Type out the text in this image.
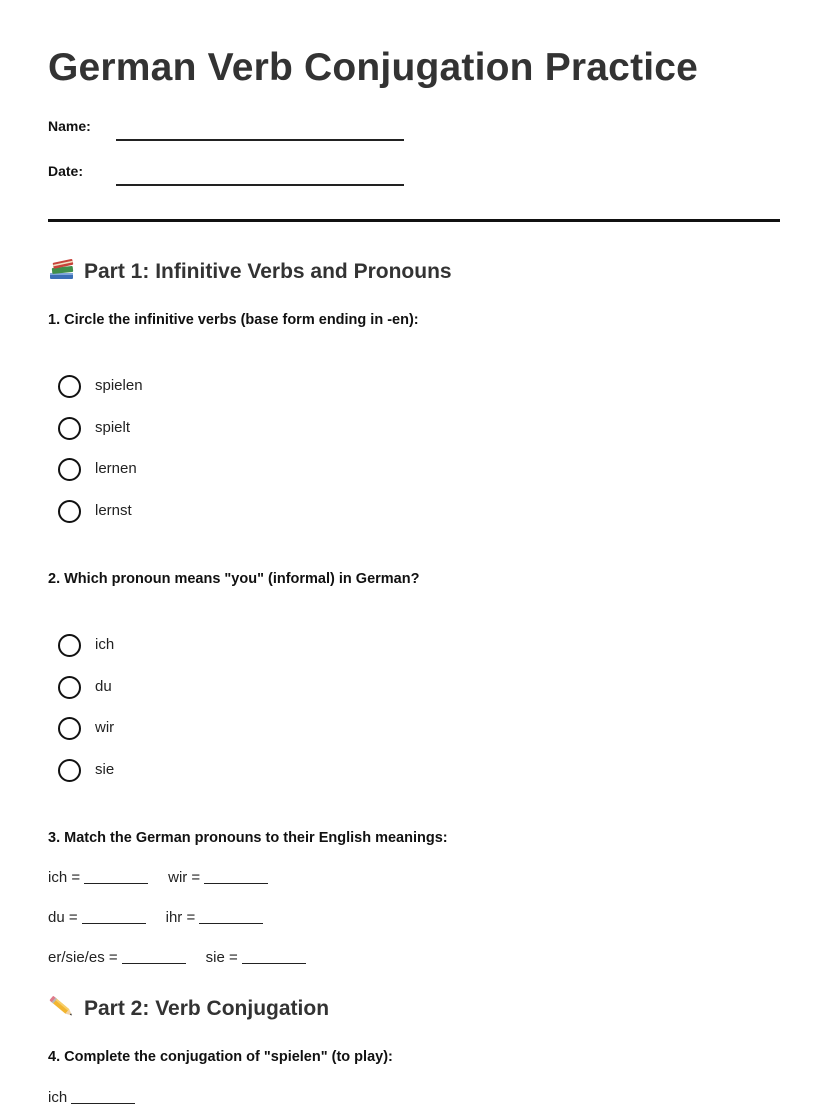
German Verb Conjugation Practice
Name:
Date:
Part 1: Infinitive Verbs and Pronouns
1. Circle the infinitive verbs (base form ending in -en):
spielen
spielt
lernen
lernst
2. Which pronoun means "you" (informal) in German?
ich
du
wir
sie
3. Match the German pronouns to their English meanings:
ich =	wir =
du =	ihr =
er/sie/es =	sie =
Part 2: Verb Conjugation
4. Complete the conjugation of "spielen" (to play):
ich
